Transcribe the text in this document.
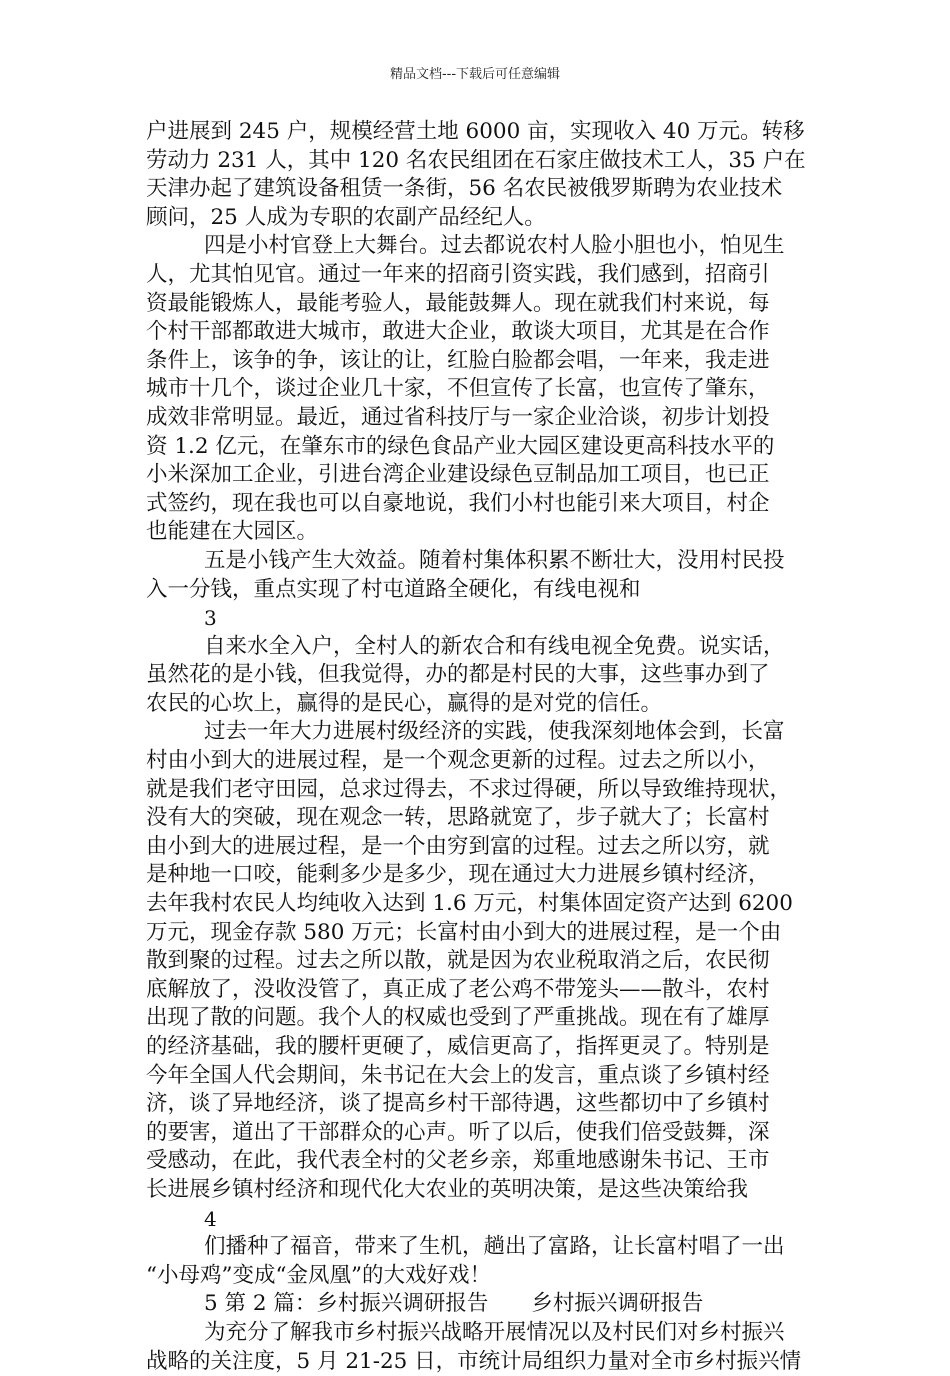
精品文档---下载后可任意编辑
户进展到 245 户，规模经营土地 6000 亩，实现收入 40 万元。转移
劳动力 231 人，其中 120 名农民组团在石家庄做技术工人，35 户在
天津办起了建筑设备租赁一条街，56 名农民被俄罗斯聘为农业技术
顾问，25 人成为专职的农副产品经纪人。
四是小村官登上大舞台。过去都说农村人脸小胆也小，怕见生
人，尤其怕见官。通过一年来的招商引资实践，我们感到，招商引
资最能锻炼人，最能考验人，最能鼓舞人。现在就我们村来说，每
个村干部都敢进大城市，敢进大企业，敢谈大项目，尤其是在合作
条件上，该争的争，该让的让，红脸白脸都会唱，一年来，我走进
城市十几个，谈过企业几十家，不但宣传了长富，也宣传了肇东，
成效非常明显。最近，通过省科技厅与一家企业洽谈，初步计划投
资 1.2 亿元，在肇东市的绿色食品产业大园区建设更高科技水平的
小米深加工企业，引进台湾企业建设绿色豆制品加工项目，也已正
式签约，现在我也可以自豪地说，我们小村也能引来大项目，村企
也能建在大园区。
五是小钱产生大效益。随着村集体积累不断壮大，没用村民投
入一分钱，重点实现了村屯道路全硬化，有线电视和
3
自来水全入户，全村人的新农合和有线电视全免费。说实话，
虽然花的是小钱，但我觉得，办的都是村民的大事，这些事办到了
农民的心坎上，赢得的是民心，赢得的是对党的信任。
过去一年大力进展村级经济的实践，使我深刻地体会到，长富
村由小到大的进展过程，是一个观念更新的过程。过去之所以小，
就是我们老守田园，总求过得去，不求过得硬，所以导致维持现状，
没有大的突破，现在观念一转，思路就宽了，步子就大了；长富村
由小到大的进展过程，是一个由穷到富的过程。过去之所以穷，就
是种地一口咬，能剩多少是多少，现在通过大力进展乡镇村经济，
去年我村农民人均纯收入达到 1.6 万元，村集体固定资产达到 6200
万元，现金存款 580 万元；长富村由小到大的进展过程，是一个由
散到聚的过程。过去之所以散，就是因为农业税取消之后，农民彻
底解放了，没收没管了，真正成了老公鸡不带笼头——散斗，农村
出现了散的问题。我个人的权威也受到了严重挑战。现在有了雄厚
的经济基础，我的腰杆更硬了，威信更高了，指挥更灵了。特别是
今年全国人代会期间，朱书记在大会上的发言，重点谈了乡镇村经
济，谈了异地经济，谈了提高乡村干部待遇，这些都切中了乡镇村
的要害，道出了干部群众的心声。听了以后，使我们倍受鼓舞，深
受感动，在此，我代表全村的父老乡亲，郑重地感谢朱书记、王市
长进展乡镇村经济和现代化大农业的英明决策，是这些决策给我
4
们播种了福音，带来了生机，趟出了富路，让长富村唱了一出
“小母鸡”变成“金凤凰”的大戏好戏！
5 第 2 篇：乡村振兴调研报告　　乡村振兴调研报告
为充分了解我市乡村振兴战略开展情况以及村民们对乡村振兴
战略的关注度，5 月 21-25 日，市统计局组织力量对全市乡村振兴情
